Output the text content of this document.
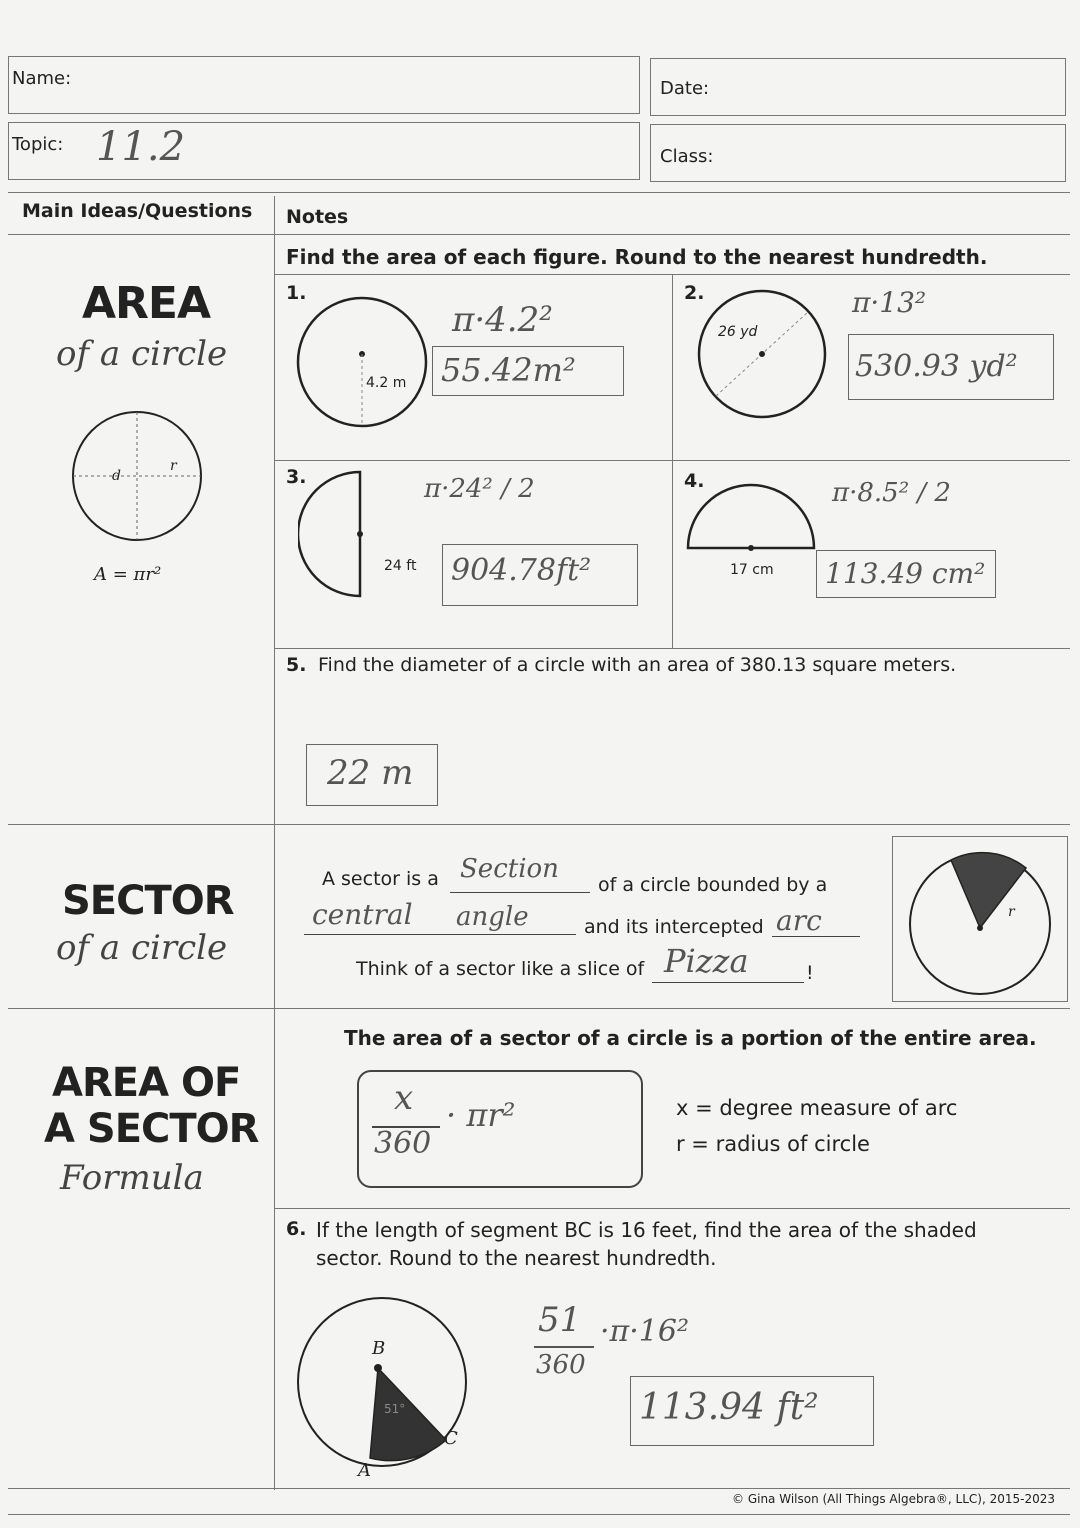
Name:	Date:
Topic: 11.2	Class:
Main Ideas/Questions Notes
AREA
of a circle
d
r
A = πr²
Find the area of each figure. Round to the nearest hundredth.
1.
4.2 m
π·4.2²
55.42m²
2.
26 yd
π·13²
530.93 yd²
3.
24 ft
π·24² / 2
904.78ft²
4.
17 cm
π·8.5² / 2
113.49 cm²
5. Find the diameter of a circle with an area of 380.13 square meters.
22 m
SECTOR
of a circle
A sector is a Section
of a circle bounded by a
central angle	and its intercepted arc
Think of a sector like a slice of Pizza	!
r
AREA OF
A SECTOR
Formula
The area of a sector of a circle is a portion of the entire area.
x
360
· πr²	x = degree measure of arc
r = radius of circle
6. If the length of segment BC is 16 feet, find the area of the shaded
sector. Round to the nearest hundredth.
B
C
A
51°
51
360
·π·16²
113.94 ft²
© Gina Wilson (All Things Algebra®, LLC), 2015-2023
